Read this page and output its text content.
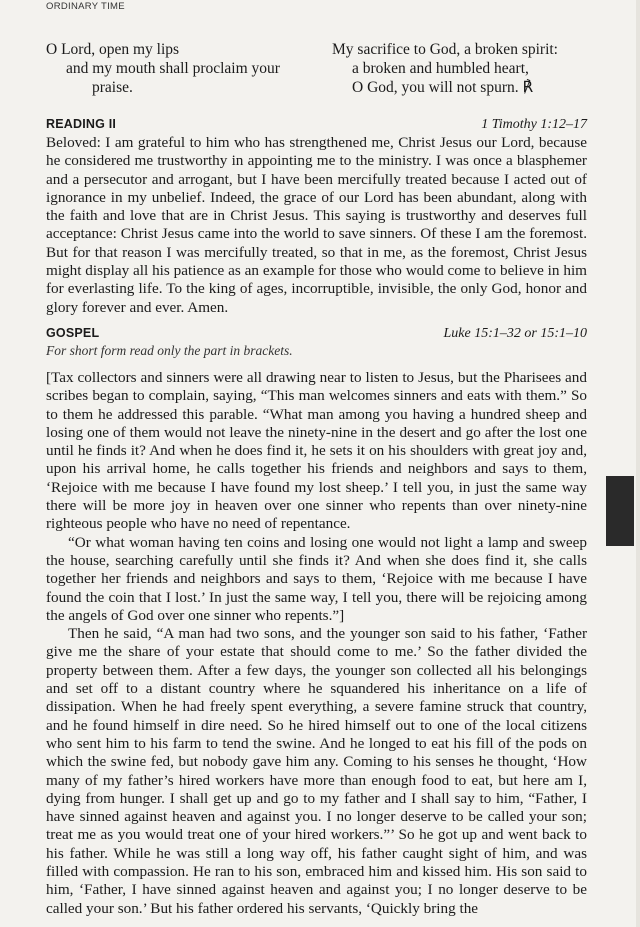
ORDINARY TIME
O Lord, open my lips
and my mouth shall proclaim your
praise.
My sacrifice to God, a broken spirit:
a broken and humbled heart,
O God, you will not spurn. ℟
READING II	1 Timothy 1:12–17

Beloved: I am grateful to him who has strengthened me, Christ Jesus our Lord, because he considered me trustworthy in appointing me to the ministry. I was once a blasphemer and a persecutor and arrogant, but I have been mercifully treated because I acted out of ignorance in my unbelief. Indeed, the grace of our Lord has been abundant, along with the faith and love that are in Christ Jesus. This saying is trustworthy and deserves full acceptance: Christ Jesus came into the world to save sinners. Of these I am the foremost. But for that reason I was mercifully treated, so that in me, as the foremost, Christ Jesus might display all his patience as an example for those who would come to believe in him for everlasting life. To the king of ages, incorruptible, invisible, the only God, honor and glory forever and ever. Amen.

GOSPEL	Luke 15:1–32 or 15:1–10
For short form read only the part in brackets.

[Tax collectors and sinners were all drawing near to listen to Jesus, but the Pharisees and scribes began to complain, saying, “This man welcomes sinners and eats with them.” So to them he addressed this parable. “What man among you having a hundred sheep and losing one of them would not leave the ninety-nine in the desert and go after the lost one until he finds it? And when he does find it, he sets it on his shoulders with great joy and, upon his arrival home, he calls together his friends and neighbors and says to them, ‘Rejoice with me because I have found my lost sheep.’ I tell you, in just the same way there will be more joy in heaven over one sinner who repents than over ninety-nine righteous people who have no need of repentance.

“Or what woman having ten coins and losing one would not light a lamp and sweep the house, searching carefully until she finds it? And when she does find it, she calls together her friends and neighbors and says to them, ‘Rejoice with me because I have found the coin that I lost.’ In just the same way, I tell you, there will be rejoicing among the angels of God over one sinner who repents.”]

Then he said, “A man had two sons, and the younger son said to his father, ‘Father give me the share of your estate that should come to me.’ So the father divided the property between them. After a few days, the younger son collected all his belongings and set off to a distant country where he squandered his inheritance on a life of dissipation. When he had freely spent everything, a severe famine struck that country, and he found himself in dire need. So he hired himself out to one of the local citizens who sent him to his farm to tend the swine. And he longed to eat his fill of the pods on which the swine fed, but nobody gave him any. Coming to his senses he thought, ‘How many of my father’s hired workers have more than enough food to eat, but here am I, dying from hunger. I shall get up and go to my father and I shall say to him, “Father, I have sinned against heaven and against you. I no longer deserve to be called your son; treat me as you would treat one of your hired workers.”’ So he got up and went back to his father. While he was still a long way off, his father caught sight of him, and was filled with compassion. He ran to his son, embraced him and kissed him. His son said to him, ‘Father, I have sinned against heaven and against you; I no longer deserve to be called your son.’ But his father ordered his servants, ‘Quickly bring the
